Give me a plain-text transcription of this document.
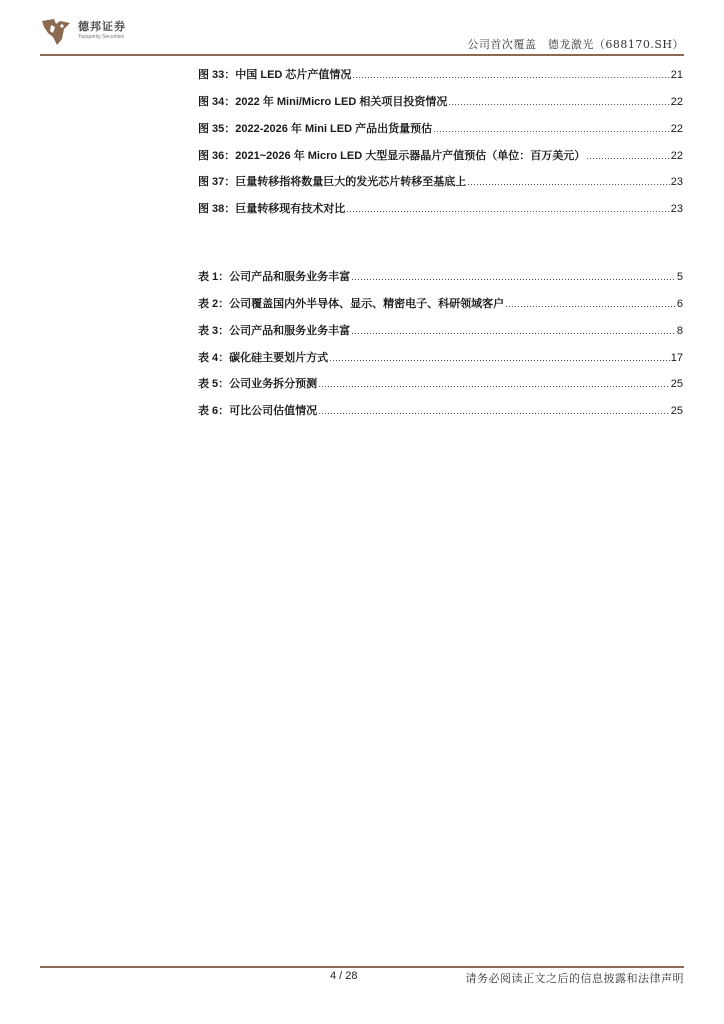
德邦证券
Topsperity Securities
公司首次覆盖　德龙激光（688170.SH）
图 33：中国 LED 芯片产值情况 .....	21
图 34：2022 年 Mini/Micro LED 相关项目投资情况 .....	22
图 35：2022-2026 年 Mini LED 产品出货量预估 .....	22
图 36：2021~2026 年 Micro LED 大型显示器晶片产值预估（单位：百万美元） .....	22
图 37：巨量转移指将数量巨大的发光芯片转移至基底上 .....	23
图 38：巨量转移现有技术对比 .....	23
表 1：公司产品和服务业务丰富 .....	5
表 2：公司覆盖国内外半导体、显示、精密电子、科研领域客户 .....	6
表 3：公司产品和服务业务丰富 .....	8
表 4：碳化硅主要划片方式 .....	17
表 5：公司业务拆分预测 .....	25
表 6：可比公司估值情况 .....	25
4 / 28	请务必阅读正文之后的信息披露和法律声明
